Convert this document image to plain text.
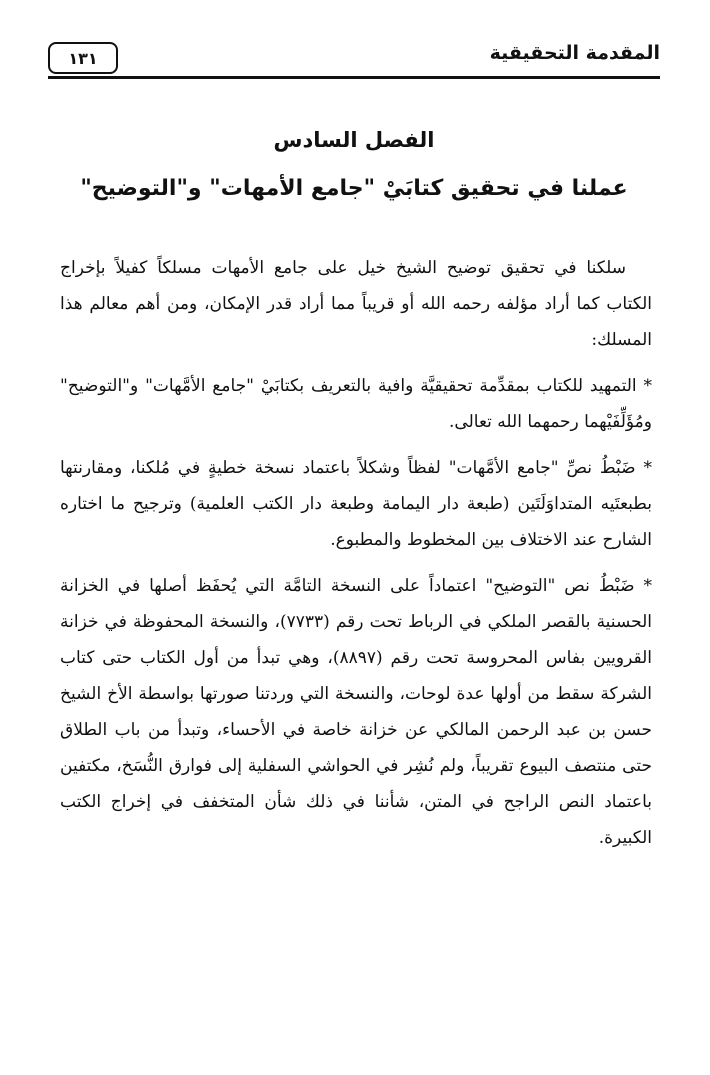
١٣١	المقدمة التحقيقية
الفصل السادس
عملنا في تحقيق كتابَيْ "جامع الأمهات" و"التوضيح"

سلكنا في تحقيق توضيح الشيخ خيل على جامع الأمهات مسلكاً كفيلاً بإخراج الكتاب كما أراد مؤلفه رحمه الله أو قريباً مما أراد قدر الإمكان، ومن أهم معالم هذا المسلك:

* التمهيد للكتاب بمقدِّمة تحقيقيَّة وافية بالتعريف بكتابَيْ "جامع الأمَّهات" و"التوضيح" ومُؤَلِّفَيْهما رحمهما الله تعالى.

* ضَبْطُ نصِّ "جامع الأمَّهات" لفظاً وشكلاً باعتماد نسخة خطيةٍ في مُلكنا، ومقارنتها بطبعتَيه المتداوَلَتَين (طبعة دار اليمامة وطبعة دار الكتب العلمية) وترجيح ما اختاره الشارح عند الاختلاف بين المخطوط والمطبوع.

* ضَبْطُ نص "التوضيح" اعتماداً على النسخة التامَّة التي يُحفَظ أصلها في الخزانة الحسنية بالقصر الملكي في الرباط تحت رقم (٧٧٣٣)، والنسخة المحفوظة في خزانة القرويين بفاس المحروسة تحت رقم (٨٨٩٧)، وهي تبدأ من أول الكتاب حتى كتاب الشركة سقط من أولها عدة لوحات، والنسخة التي وردتنا صورتها بواسطة الأخ الشيخ حسن بن عبد الرحمن المالكي عن خزانة خاصة في الأحساء، وتبدأ من باب الطلاق حتى منتصف البيوع تقريباً، ولم نُشِر في الحواشي السفلية إلى فوارق النُّسَخ، مكتفين باعتماد النص الراجح في المتن، شأننا في ذلك شأن المتخفف في إخراج الكتب الكبيرة.
